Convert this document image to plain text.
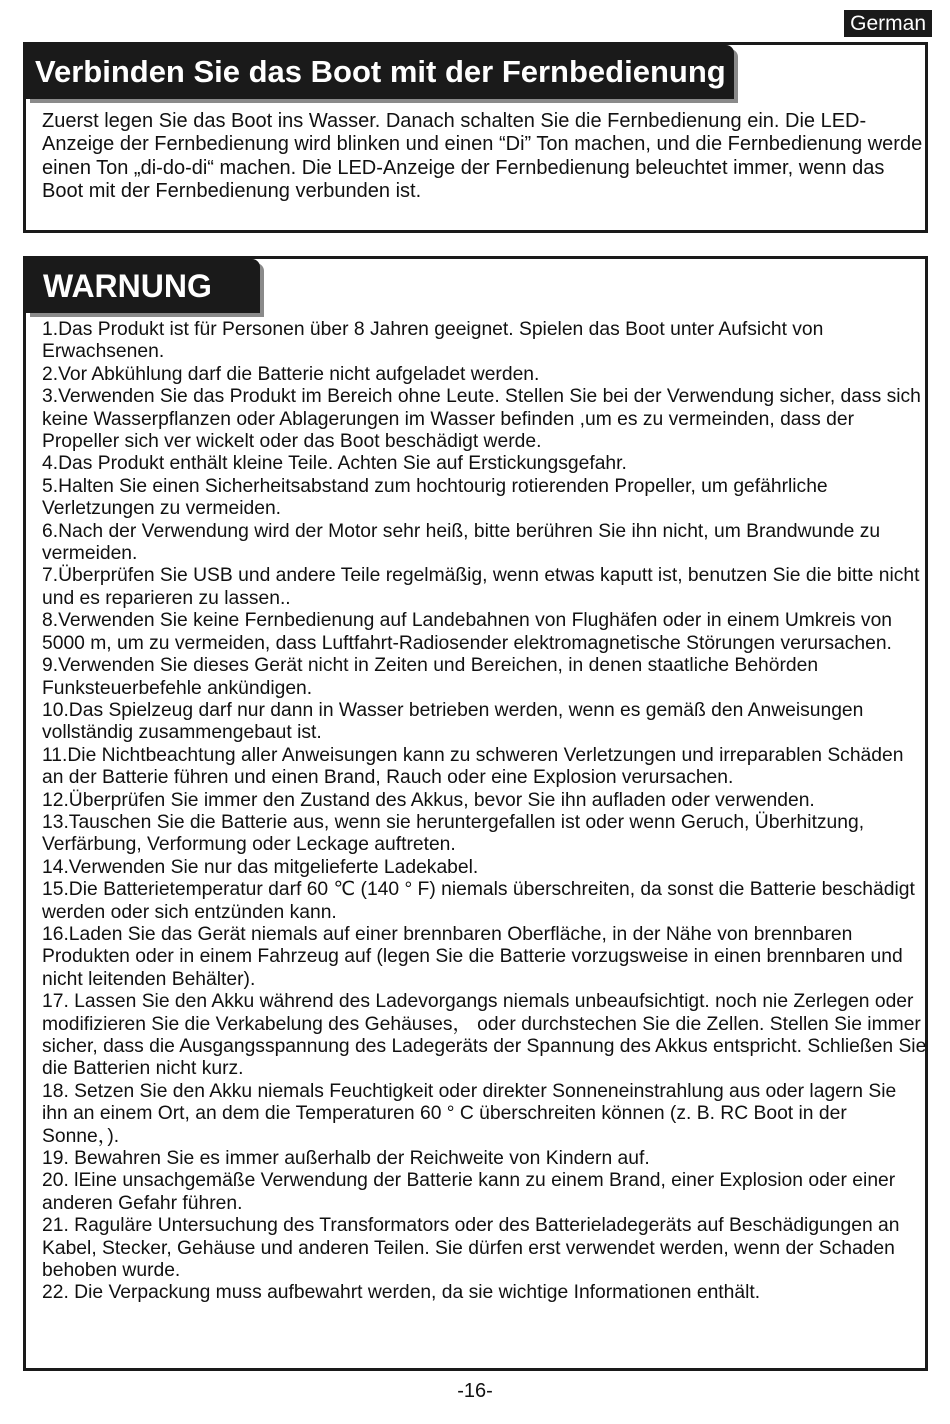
German
Verbinden Sie das Boot mit der Fernbedienung

Zuerst legen Sie das Boot ins Wasser. Danach schalten Sie die Fernbedienung ein. Die LED-Anzeige der Fernbedienung wird blinken und einen “Di” Ton machen, und die Fernbedienung werde einen Ton „di-do-di“ machen. Die LED-Anzeige der Fernbedienung beleuchtet immer, wenn das Boot mit der Fernbedienung verbunden ist.

WARNUNG
1.Das Produkt ist für Personen über 8 Jahren geeignet. Spielen das Boot unter Aufsicht von Erwachsenen.
2.Vor Abkühlung darf die Batterie nicht aufgeladet werden.
3.Verwenden Sie das Produkt im Bereich ohne Leute. Stellen Sie bei der Verwendung sicher, dass sich keine Wasserpflanzen oder Ablagerungen im Wasser befinden ,um es zu vermeinden, dass der Propeller sich ver wickelt oder das Boot beschädigt werde.
4.Das Produkt enthält kleine Teile. Achten Sie auf Erstickungsgefahr.
5.Halten Sie einen Sicherheitsabstand zum hochtourig rotierenden Propeller, um gefährliche Verletzungen zu vermeiden.
6.Nach der Verwendung wird der Motor sehr heiß, bitte berühren Sie ihn nicht, um Brandwunde zu vermeiden.
7.Überprüfen Sie USB und andere Teile regelmäßig, wenn etwas kaputt ist, benutzen Sie die bitte nicht und es reparieren zu lassen..
8.Verwenden Sie keine Fernbedienung auf Landebahnen von Flughäfen oder in einem Umkreis von 5000 m, um zu vermeiden, dass Luftfahrt-Radiosender elektromagnetische Störungen verursachen.
9.Verwenden Sie dieses Gerät nicht in Zeiten und Bereichen, in denen staatliche Behörden Funksteuerbefehle ankündigen.
10.Das Spielzeug darf nur dann in Wasser betrieben werden, wenn es gemäß den Anweisungen vollständig zusammengebaut ist.
11.Die Nichtbeachtung aller Anweisungen kann zu schweren Verletzungen und irreparablen Schäden an der Batterie führen und einen Brand, Rauch oder eine Explosion verursachen.
12.Überprüfen Sie immer den Zustand des Akkus, bevor Sie ihn aufladen oder verwenden.
13.Tauschen Sie die Batterie aus, wenn sie heruntergefallen ist oder wenn Geruch, Überhitzung, Verfärbung, Verformung oder Leckage auftreten.
14.Verwenden Sie nur das mitgelieferte Ladekabel.
15.Die Batterietemperatur darf 60 ℃ (140 ° F) niemals überschreiten, da sonst die Batterie beschädigt werden oder sich entzünden kann.
16.Laden Sie das Gerät niemals auf einer brennbaren Oberfläche, in der Nähe von brennbaren Produkten oder in einem Fahrzeug auf (legen Sie die Batterie vorzugsweise in einen brennbaren und nicht leitenden Behälter).
17. Lassen Sie den Akku während des Ladevorgangs niemals unbeaufsichtigt. noch nie Zerlegen oder modifizieren Sie die Verkabelung des Gehäuses， oder durchstechen Sie die Zellen. Stellen Sie immer sicher, dass die Ausgangsspannung des Ladegeräts der Spannung des Akkus entspricht. Schließen Sie die Batterien nicht kurz.
18. Setzen Sie den Akku niemals Feuchtigkeit oder direkter Sonneneinstrahlung aus oder lagern Sie ihn an einem Ort, an dem die Temperaturen 60 ° C überschreiten können (z. B. RC Boot in der Sonne，).
19. Bewahren Sie es immer außerhalb der Reichweite von Kindern auf.
20. lEine unsachgemäße Verwendung der Batterie kann zu einem Brand, einer Explosion oder einer anderen Gefahr führen.
21. Raguläre Untersuchung des Transformators oder des Batterieladegeräts auf Beschädigungen an Kabel, Stecker, Gehäuse und anderen Teilen. Sie dürfen erst verwendet werden, wenn der Schaden behoben wurde.
22. Die Verpackung muss aufbewahrt werden, da sie wichtige Informationen enthält.
-16-
